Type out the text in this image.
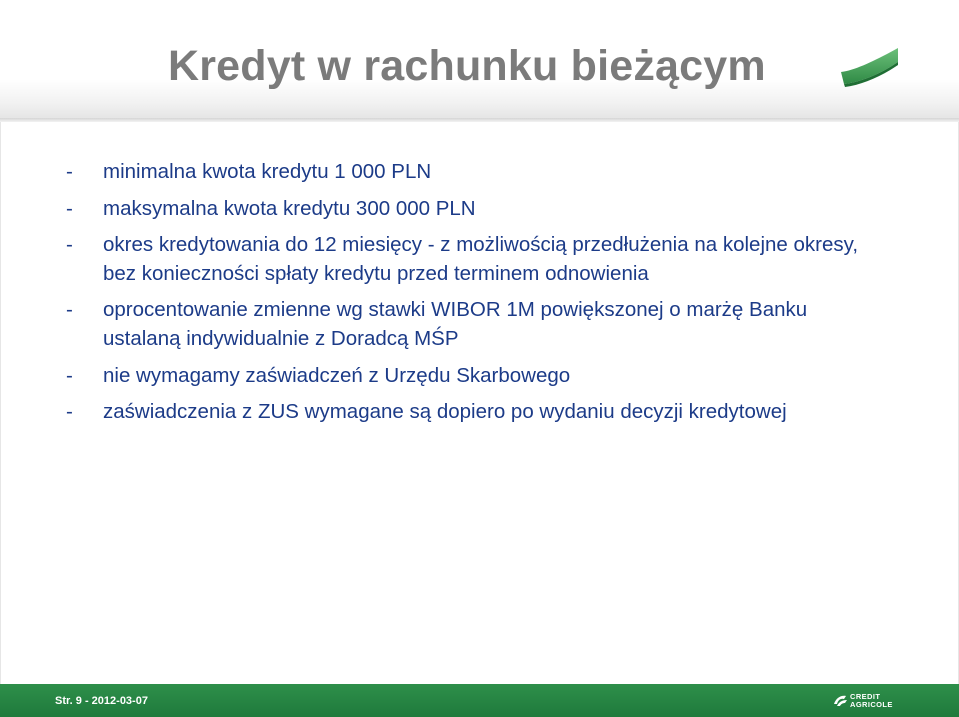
Kredyt w rachunku bieżącym
- minimalna kwota kredytu 1 000 PLN
- maksymalna kwota kredytu 300 000 PLN
- okres kredytowania do 12 miesięcy - z możliwością przedłużenia na kolejne okresy, bez konieczności spłaty kredytu przed terminem odnowienia
- oprocentowanie zmienne wg stawki WIBOR 1M powiększonej o marżę Banku ustalaną indywidualnie z Doradcą MŚP
- nie wymagamy zaświadczeń z Urzędu Skarbowego
- zaświadczenia z ZUS wymagane są dopiero po wydaniu decyzji kredytowej
Str. 9 - 2012-03-07	CREDIT
AGRICOLE
